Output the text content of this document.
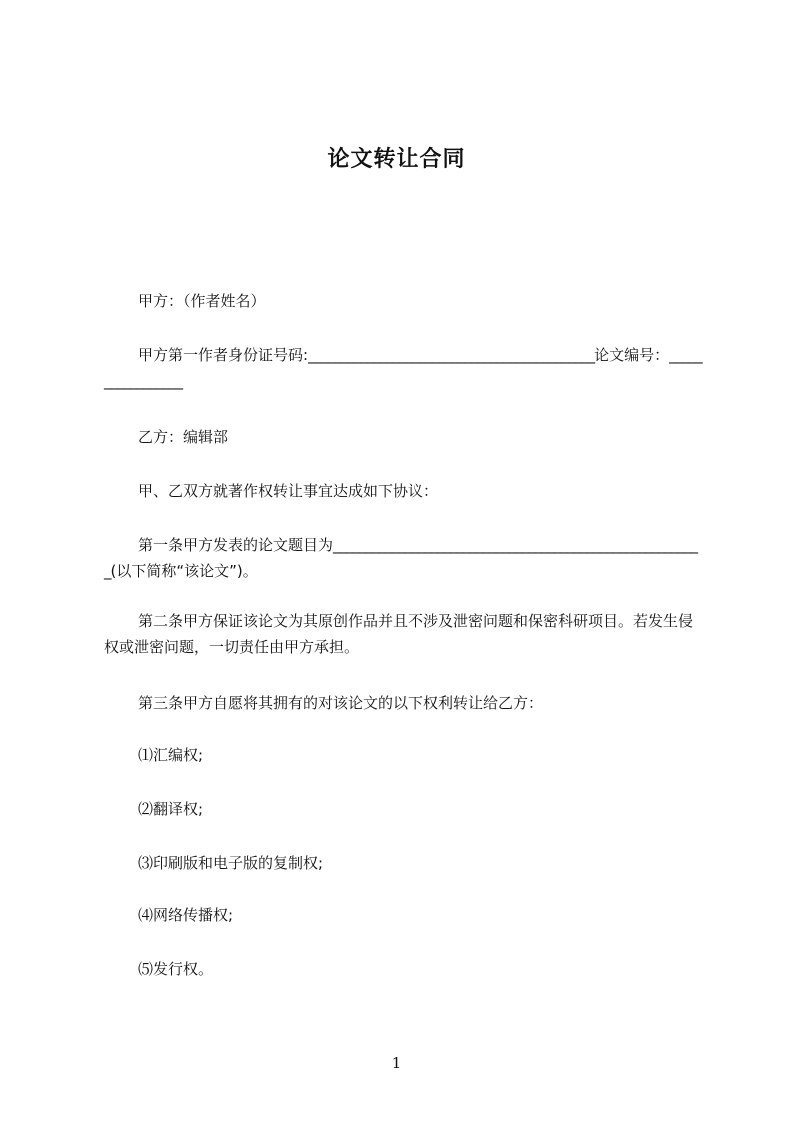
论文转让合同
甲方：（作者姓名）
甲方第一作者身份证号码:____________________________________________论文编号：_________________
乙方：编辑部
甲、乙双方就著作权转让事宜达成如下协议：
第一条甲方发表的论文题目为_________________________________________________________(以下简称“该论文”)。
第二条甲方保证该论文为其原创作品并且不涉及泄密问题和保密科研项目。若发生侵权或泄密问题，一切责任由甲方承担。
第三条甲方自愿将其拥有的对该论文的以下权利转让给乙方：
⑴汇编权;
⑵翻译权;
⑶印刷版和电子版的复制权;
⑷网络传播权;
⑸发行权。
1
